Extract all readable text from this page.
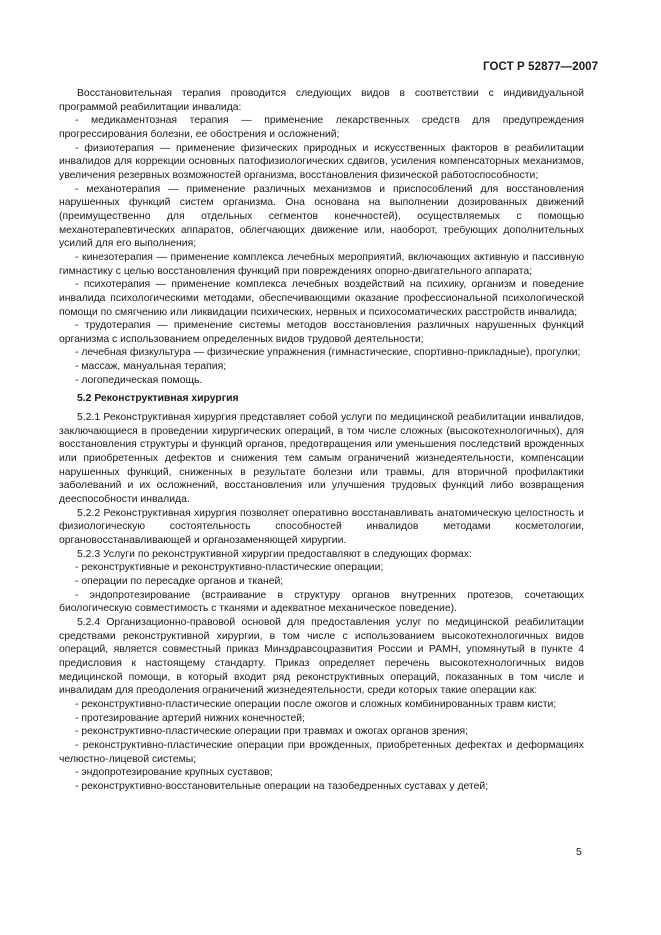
ГОСТ Р 52877—2007

Восстановительная терапия проводится следующих видов в соответствии с индивидуальной программой реабилитации инвалида:

- медикаментозная терапия — применение лекарственных средств для предупреждения прогрессирования болезни, ее обострения и осложнений;

- физиотерапия — применение физических природных и искусственных факторов в реабилитации инвалидов для коррекции основных патофизиологических сдвигов, усиления компенсаторных механизмов, увеличения резервных возможностей организма, восстановления физической работоспособности;

- механотерапия — применение различных механизмов и приспособлений для восстановления нарушенных функций систем организма. Она основана на выполнении дозированных движений (преимущественно для отдельных сегментов конечностей), осуществляемых с помощью механотерапевтических аппаратов, облегчающих движение или, наоборот, требующих дополнительных усилий для его выполнения;

- кинезотерапия — применение комплекса лечебных мероприятий, включающих активную и пассивную гимнастику с целью восстановления функций при повреждениях опорно-двигательного аппарата;

- психотерапия — применение комплекса лечебных воздействий на психику, организм и поведение инвалида психологическими методами, обеспечивающими оказание профессиональной психологической помощи по смягчению или ликвидации психических, нервных и психосоматических расстройств инвалида;

- трудотерапия — применение системы методов восстановления различных нарушенных функций организма с использованием определенных видов трудовой деятельности;

- лечебная физкультура — физические упражнения (гимнастические, спортивно-прикладные), прогулки;

- массаж, мануальная терапия;

- логопедическая помощь.

5.2 Реконструктивная хирургия

5.2.1 Реконструктивная хирургия представляет собой услуги по медицинской реабилитации инвалидов, заключающиеся в проведении хирургических операций, в том числе сложных (высокотехнологичных), для восстановления структуры и функций органов, предотвращения или уменьшения последствий врожденных или приобретенных дефектов и снижения тем самым ограничений жизнедеятельности, компенсации нарушенных функций, сниженных в результате болезни или травмы, для вторичной профилактики заболеваний и их осложнений, восстановления или улучшения трудовых функций либо возвращения дееспособности инвалида.

5.2.2 Реконструктивная хирургия позволяет оперативно восстанавливать анатомическую целостность и физиологическую состоятельность способностей инвалидов методами косметологии, органовосстанавливающей и органозаменяющей хирургии.

5.2.3 Услуги по реконструктивной хирургии предоставляют в следующих формах:

- реконструктивные и реконструктивно-пластические операции;

- операции по пересадке органов и тканей;

- эндопротезирование (встраивание в структуру органов внутренних протезов, сочетающих биологическую совместимость с тканями и адекватное механическое поведение).

5.2.4 Организационно-правовой основой для предоставления услуг по медицинской реабилитации средствами реконструктивной хирургии, в том числе с использованием высокотехнологичных видов операций, является совместный приказ Минздравсоцразвития России и РАМН, упомянутый в пункте 4 предисловия к настоящему стандарту. Приказ определяет перечень высокотехнологичных видов медицинской помощи, в который входит ряд реконструктивных операций, показанных в том числе и инвалидам для преодоления ограничений жизнедеятельности, среди которых такие операции как:

- реконструктивно-пластические операции после ожогов и сложных комбинированных травм кисти;

- протезирование артерий нижних конечностей;

- реконструктивно-пластические операции при травмах и ожогах органов зрения;

- реконструктивно-пластические операции при врожденных, приобретенных дефектах и деформациях челюстно-лицевой системы;

- эндопротезирование крупных суставов;

- реконструктивно-восстановительные операции на тазобедренных суставах у детей;

5
